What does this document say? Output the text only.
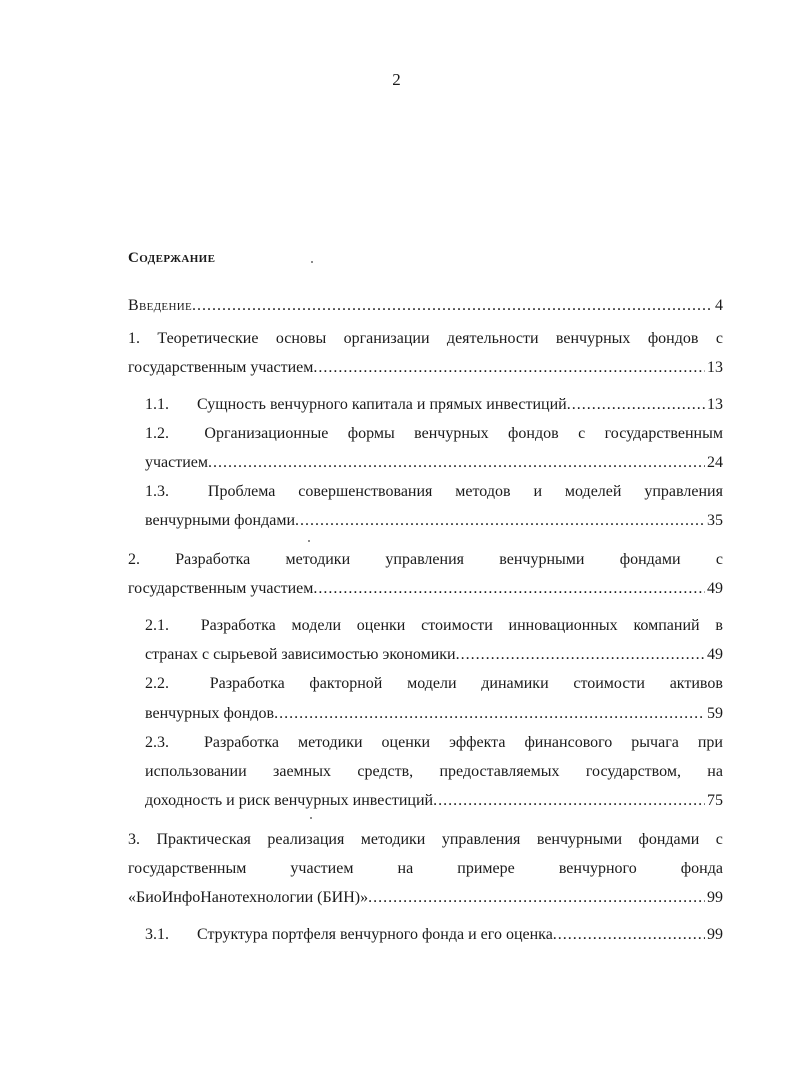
2
Содержание
Введение .....	4
1. Теоретические основы организации деятельности венчурных фондов с
государственным участием .....	13
1.1.	Сущность венчурного капитала и прямых инвестиций .....	13
1.2.	Организационные формы венчурных фондов с государственным
участием .....	24
1.3.	Проблема совершенствования методов и моделей управления
венчурными фондами .....	35
2. Разработка методики управления венчурными фондами с
государственным участием .....	49
2.1.	Разработка модели оценки стоимости инновационных компаний в
странах с сырьевой зависимостью экономики .....	49
2.2.	Разработка факторной модели динамики стоимости активов
венчурных фондов .....	59
2.3.	Разработка методики оценки эффекта финансового рычага при
использовании заемных средств, предоставляемых государством, на
доходность и риск венчурных инвестиций .....	75
3. Практическая реализация методики управления венчурными фондами с
государственным	участием	на	примере	венчурного	фонда
«БиоИнфоНанотехнологии (БИН)» .....	99
3.1.	Структура портфеля венчурного фонда и его оценка .....	99
